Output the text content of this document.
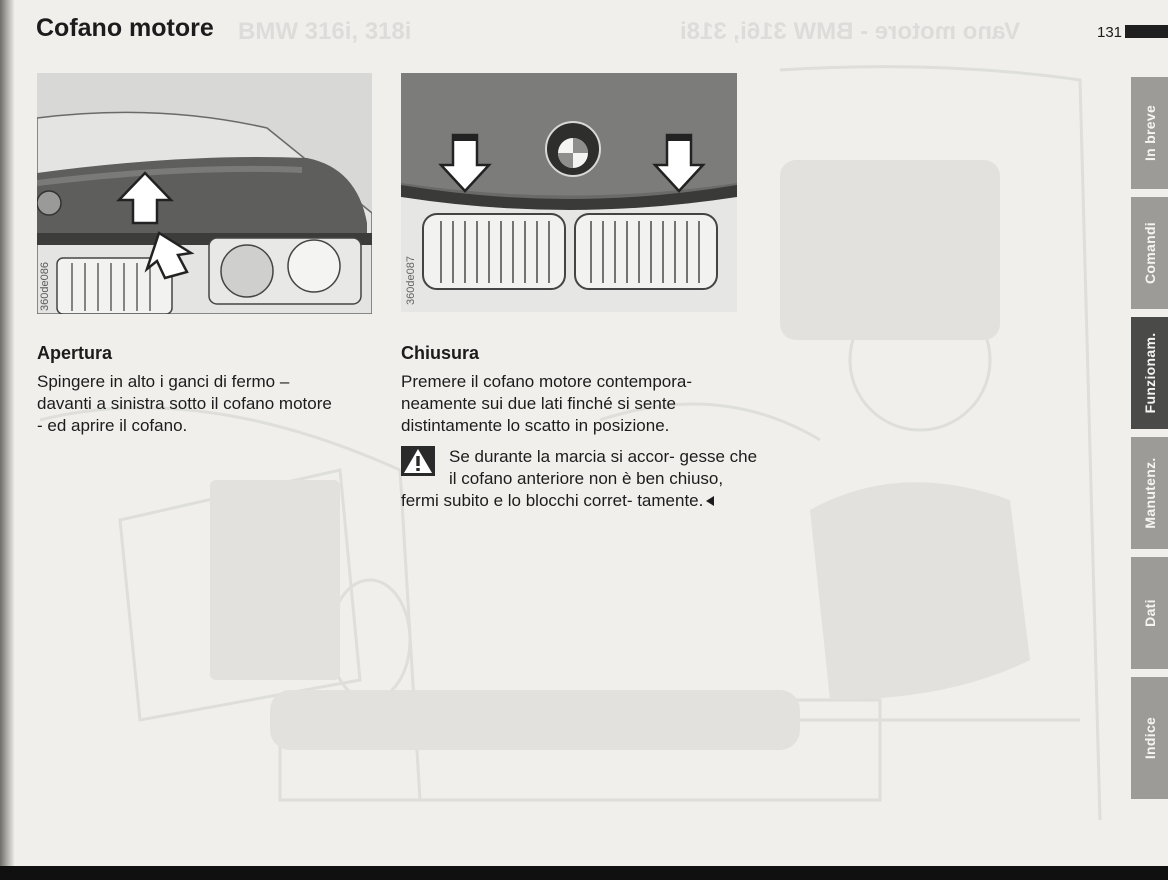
Cofano motore BMW 316i, 318i	Vano motore - BMW 316i, 318i	131
360de086	360de087
Apertura
Spingere in alto i ganci di fermo –
davanti a sinistra sotto il cofano motore
- ed aprire il cofano.
Chiusura
Premere il cofano motore contempora-
neamente sui due lati finché si sente
distintamente lo scatto in posizione.
Se durante la marcia si accor- gesse che il cofano anteriore non è ben chiuso, fermi subito e lo blocchi corret- tamente.
In breve
Comandi
Funzionam.
Manutenz.
Dati
Indice
